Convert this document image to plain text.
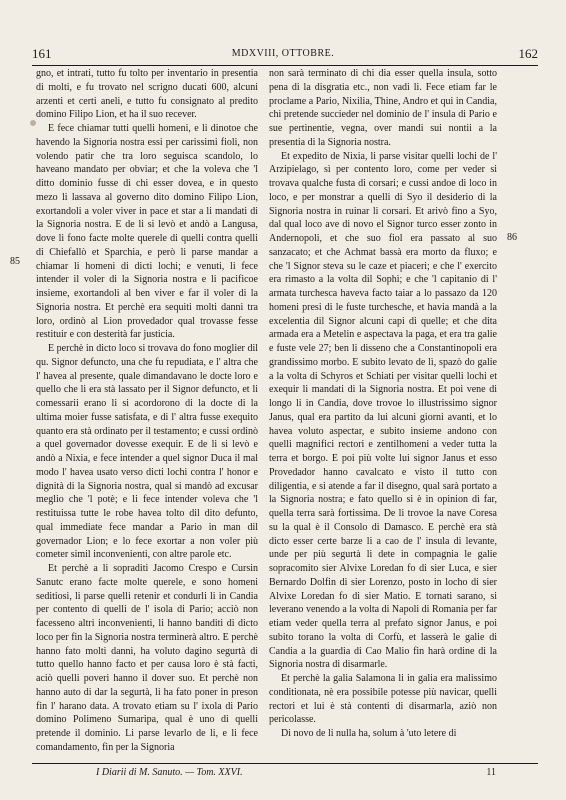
161	MDXVIII, OTTOBRE.	162
85
86

gno, et intrati, tutto fu tolto per inventario in presentia di molti, e fu trovato nel scrigno ducati 600, alcuni arzenti et certi aneli, e tutto fu consignato al predito domino Filipo Lion, et ha il suo recever.

E fece chiamar tutti quelli homeni, e li dinotoe che havendo la Signoria nostra essi per carissimi fioli, non volendo patir che tra loro seguisca scandolo, lo haveano mandato per obviar; et che la voleva che 'l ditto dominio fusse di chi esser dovea, e in questo mezo li lassava al governo dito domino Filipo Lion, exortandoli a voler viver in pace et star a li mandati di la Signoria nostra. E de li si levò et andò a Langusa, dove li fono facte molte querele di quelli contra quelli di Chiefallò et Sparchia, e però li parse mandar a chiamar li homeni di dicti lochi; e venuti, li fece intender il voler di la Signoria nostra e li pacificoe insieme, exortandoli al ben viver e far il voler di la Signoria nostra. Et perchè era sequiti molti danni tra loro, ordinò al Lion provedador qual trovasse fesse restituir e con desterità far justicia.

E perchè in dicto loco si trovava do fono moglier dil qu. Signor defuncto, una che fu repudiata, e l' altra che l' havea al presente, quale dimandavano le docte loro e quello che li era stà lassato per il Signor defuncto, et li comessarii erano li si acordorono di la docte di la ultima moier fusse satisfata, e di l' altra fusse exequito quanto era stà ordinato per il testamento; e cussi ordinò a quel governador dovesse exequir. E de li si levò e andò a Nixia, e fece intender a quel signor Duca il mal modo l' havea usato verso dicti lochi contra l' honor e dignità di la Signoria nostra, qual si mandò ad excusar meglio che 'l potè; e li fece intender voleva che 'l restituissa tutte le robe havea tolto dil dito defunto, qual immediate fece mandar a Pario in man dil governador Lion; e lo fece exortar a non voler più cometer simil inconvenienti, con altre parole etc.

Et perchè a li sopraditi Jacomo Crespo e Cursin Sanutc erano facte molte querele, e sono homeni seditiosi, li parse quelli retenir et condurli li in Candia per contento di quelli de l' isola di Pario; acciò non facesseno altri inconvenienti, li hanno banditi di dicto loco per fin la Signoria nostra terminerà altro. E perchè hanno fato molti danni, ha voluto dagino segurtà di tutto quello hanno facto et per causa loro è stà facti, aciò quelli poveri hanno il dover suo. Et perchè non hanno auto di dar la segurtà, li ha fato poner in preson fin l' harano data. A trovato etiam su l' ixola di Pario domino Polimeno Sumaripa, qual è uno di quelli pretende il dominio. Li parse levarlo de li, e li fece comandamento, fin per la Signoria

non sarà terminato di chi dia esser quella insula, sotto pena di la disgratia etc., non vadi li. Fece etiam far le proclame a Pario, Nixilia, Thine, Andro et qui in Candia, chi pretende succieder nel dominio de l' insula di Pario e sue pertinentie, vegna, over mandi sui nontii a la presentia di la Signoria nostra.

Et expedito de Nixia, li parse visitar quelli lochi de l' Arzipielago, sì per contento loro, come per veder si trovava qualche fusta di corsari; e cussi andoe di loco in loco, e per monstrar a quelli di Syo il desiderio di la Signoria nostra in ruinar li corsari. Et arivò fino a Syo, dal qual loco ave di novo el Signor turco esser zonto in Andernopoli, et che suo fiol era passato al suo sanzacato; et che Achmat bassà era morto da fluxo; e che 'l Signor steva su le caze et piaceri; e che l' exercito era rimasto a la volta dil Sophì; e che 'l capitanio di l' armata turchesca haveva facto taiar a lo passazo da 120 homeni presi di le fuste turchesche, et havia mandà a la excelentia dil Signor alcuni capi di quelle; et che dita armada era a Metelin e aspectava la paga, et era tra galie e fuste vele 27; ben li disseno che a Constantinopoli era grandissimo morbo. E subito levato de lì, spazò do galie a la volta di Schyros et Schiati per visitar quelli lochi et exequir li mandati di la Signoria nostra. Et poi vene di longo li in Candia, dove trovoe lo illustrissimo signor Janus, qual era partito da lui alcuni giorni avanti, et lo havea voluto aspectar, e subito insieme andono con quelli magnifici rectori e zentilhomeni a veder tutta la terra et borgo. E poi più volte lui signor Janus et esso Provedador hanno cavalcato e visto il tutto con diligentia, e si atende a far il disegno, qual sarà portato a la Signoria nostra; e fato quello si è in opinion di far, quella terra sarà fortissima. De li trovoe la nave Coresa su la qual è il Consolo di Damasco. E perchè era stà dicto esser certe barze li a cao de l' insula di levante, unde per più segurtà li dete in compagnia le galie sopracomito sier Alvixe Loredan fo di sier Luca, e sier Bernardo Dolfin di sier Lorenzo, posto in locho di sier Alvixe Loredan fo di sier Matio. E tornati sarano, si leverano venendo a la volta di Napoli di Romania per far etiam veder quella terra al prefato signor Janus, e poi subito torano la volta di Corfù, et lasserà le galie di Candia a la guardia di Cao Malio fin harà ordine di la Signoria nostra di disarmarle.

Et perchè la galia Salamona li in galia era malissimo conditionata, nè era possibile potesse più navicar, quelli rectori et lui è stà contenti di disarmarla, aziò non pericolasse.

Di novo de li nulla ha, solum à 'uto letere di

I Diarii di M. Sanuto. — Tom. XXVI.	11
